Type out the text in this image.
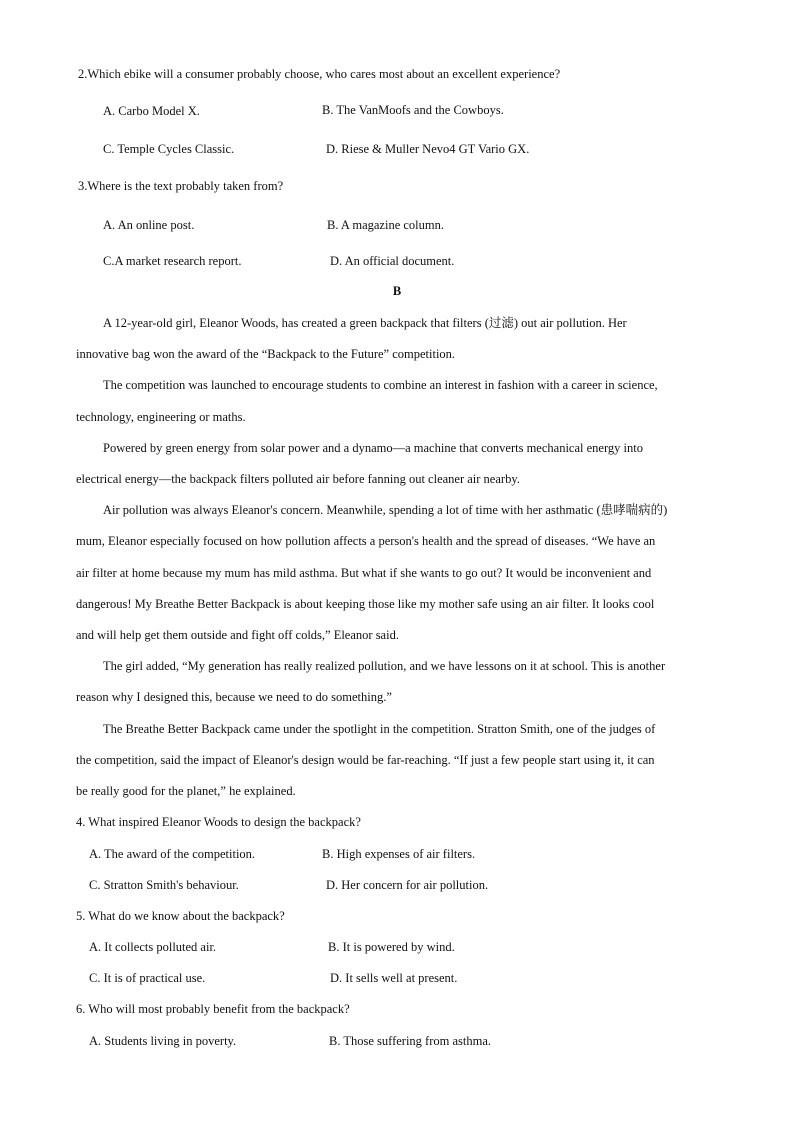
2.Which ebike will a consumer probably choose, who cares most about an excellent experience?
A. Carbo Model X.	B. The VanMoofs and the Cowboys.
C. Temple Cycles Classic.	D. Riese & Muller Nevo4 GT Vario GX.
3.Where is the text probably taken from?
A. An online post.	B. A magazine column.
C.A market research report.	D. An official document.
B
A 12-year-old girl, Eleanor Woods, has created a green backpack that filters (过滤) out air pollution. Her
innovative bag won the award of the “Backpack to the Future” competition.
The competition was launched to encourage students to combine an interest in fashion with a career in science,
technology, engineering or maths.
Powered by green energy from solar power and a dynamo—a machine that converts mechanical energy into
electrical energy—the backpack filters polluted air before fanning out cleaner air nearby.
Air pollution was always Eleanor's concern. Meanwhile, spending a lot of time with her asthmatic (患哮喘病的)
mum, Eleanor especially focused on how pollution affects a person's health and the spread of diseases. “We have an
air filter at home because my mum has mild asthma. But what if she wants to go out? It would be inconvenient and
dangerous! My Breathe Better Backpack is about keeping those like my mother safe using an air filter. It looks cool
and will help get them outside and fight off colds,” Eleanor said.
The girl added, “My generation has really realized pollution, and we have lessons on it at school. This is another
reason why I designed this, because we need to do something.”
The Breathe Better Backpack came under the spotlight in the competition. Stratton Smith, one of the judges of
the competition, said the impact of Eleanor's design would be far-reaching. “If just a few people start using it, it can
be really good for the planet,” he explained.
4. What inspired Eleanor Woods to design the backpack?
A. The award of the competition.	B. High expenses of air filters.
C. Stratton Smith's behaviour.	D. Her concern for air pollution.
5. What do we know about the backpack?
A. It collects polluted air.	B. It is powered by wind.
C. It is of practical use.	D. It sells well at present.
6. Who will most probably benefit from the backpack?
A. Students living in poverty.	B. Those suffering from asthma.
